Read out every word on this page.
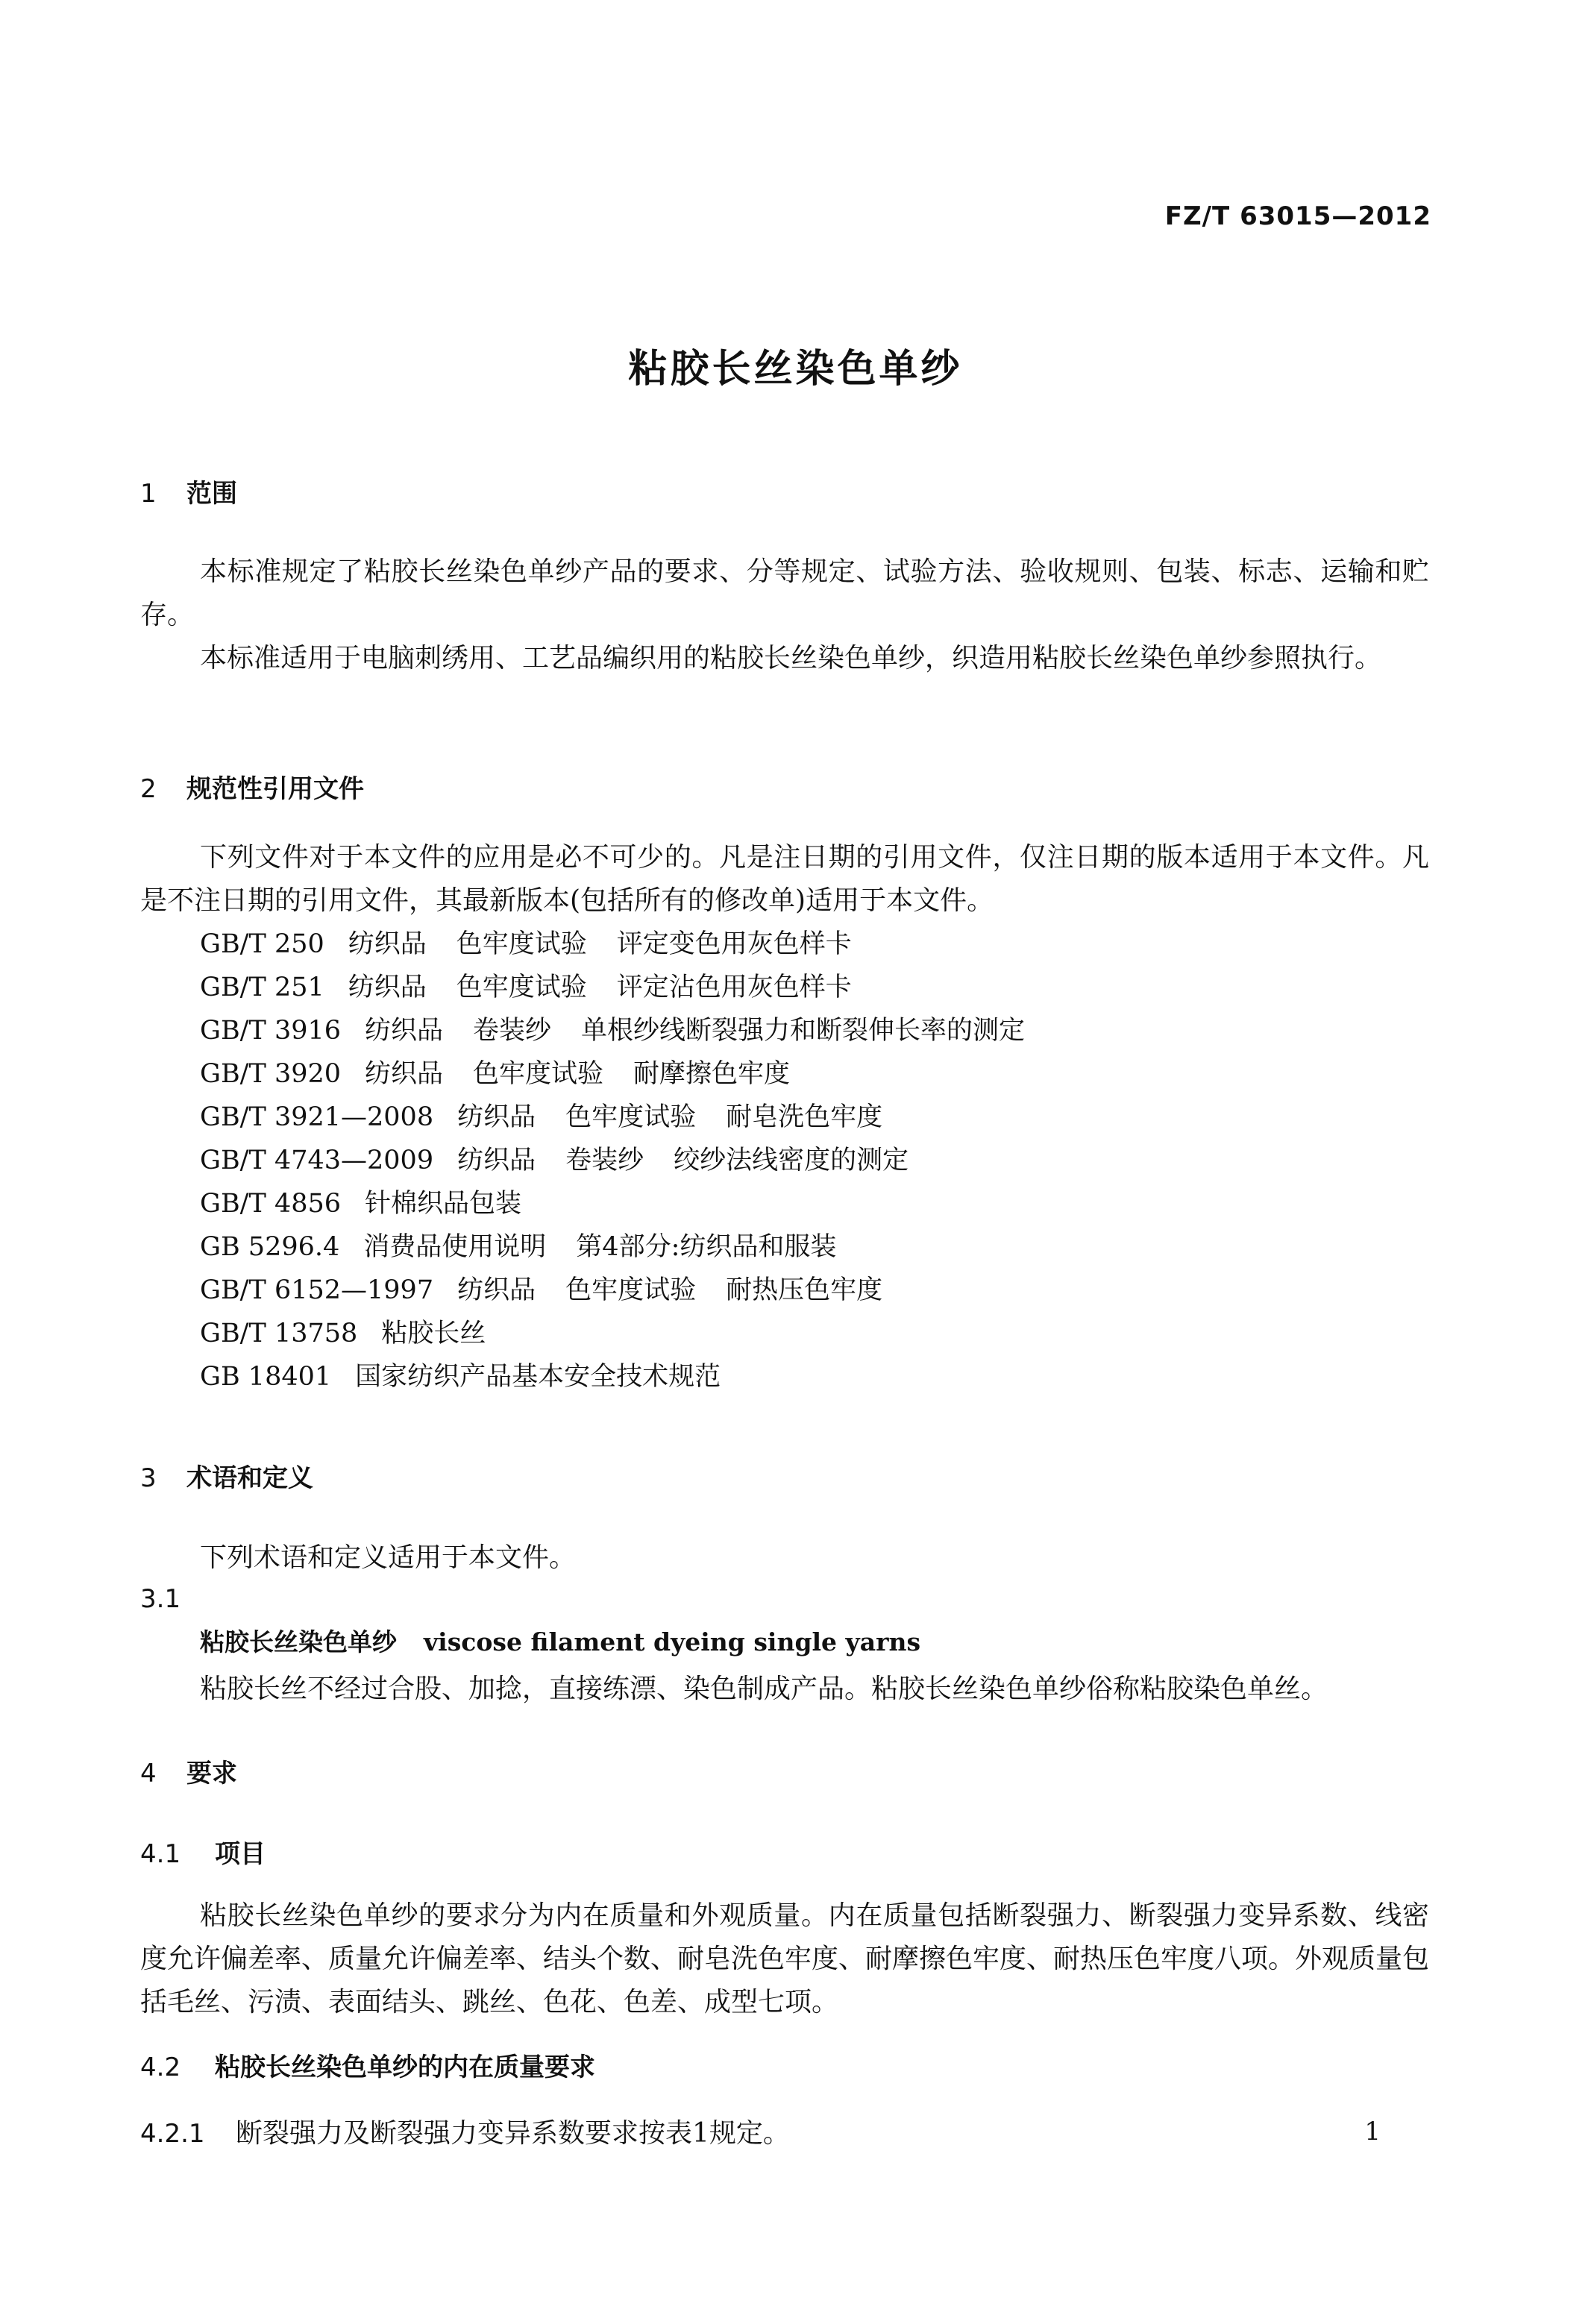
FZ/T 63015—2012
粘胶长丝染色单纱
1 范围
本标准规定了粘胶长丝染色单纱产品的要求、分等规定、试验方法、验收规则、包装、标志、运输和贮存。
本标准适用于电脑刺绣用、工艺品编织用的粘胶长丝染色单纱，织造用粘胶长丝染色单纱参照执行。
2 规范性引用文件
下列文件对于本文件的应用是必不可少的。凡是注日期的引用文件，仅注日期的版本适用于本文件。凡是不注日期的引用文件，其最新版本(包括所有的修改单)适用于本文件。
GB/T 250 纺织品 色牢度试验 评定变色用灰色样卡
GB/T 251 纺织品 色牢度试验 评定沾色用灰色样卡
GB/T 3916 纺织品 卷装纱 单根纱线断裂强力和断裂伸长率的测定
GB/T 3920 纺织品 色牢度试验 耐摩擦色牢度
GB/T 3921—2008 纺织品 色牢度试验 耐皂洗色牢度
GB/T 4743—2009 纺织品 卷装纱 绞纱法线密度的测定
GB/T 4856 针棉织品包装
GB 5296.4 消费品使用说明 第4部分:纺织品和服装
GB/T 6152—1997 纺织品 色牢度试验 耐热压色牢度
GB/T 13758 粘胶长丝
GB 18401 国家纺织产品基本安全技术规范
3 术语和定义
下列术语和定义适用于本文件。
3.1
粘胶长丝染色单纱 viscose filament dyeing single yarns
粘胶长丝不经过合股、加捻，直接练漂、染色制成产品。粘胶长丝染色单纱俗称粘胶染色单丝。
4 要求
4.1 项目
粘胶长丝染色单纱的要求分为内在质量和外观质量。内在质量包括断裂强力、断裂强力变异系数、线密度允许偏差率、质量允许偏差率、结头个数、耐皂洗色牢度、耐摩擦色牢度、耐热压色牢度八项。外观质量包括毛丝、污渍、表面结头、跳丝、色花、色差、成型七项。
4.2 粘胶长丝染色单纱的内在质量要求
4.2.1 断裂强力及断裂强力变异系数要求按表1规定。	1
